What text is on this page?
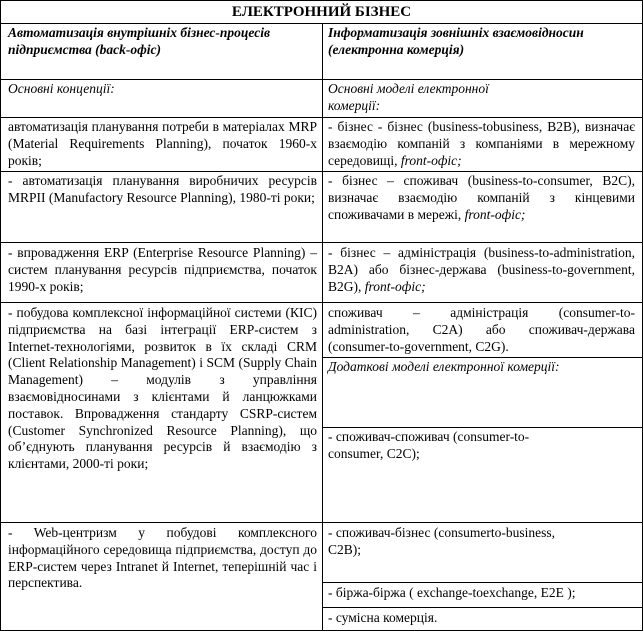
ЕЛЕКТРОННИЙ БІЗНЕС
Автоматизація внутрішніх бізнес-процесів підприємства (back-офіс)
Інформатизація зовнішніх взаємовідносин (електронна комерція)
Основні концепції:	Основні моделі електронної комерції:
автоматизація планування потреби в матеріалах MRP (Material Requirements Planning), початок 1960-х років;
- автоматизація планування виробничих ресурсів MRPII (Manufactory Resource Planning), 1980-ті роки;
- впровадження ERP (Enterprise Resource Planning) – систем планування ресурсів підприємства, початок 1990-х років;
- побудова комплексної інформаційної системи (КІС) підприємства на базі інтеграції ERP-систем з Internet-технологіями, розвиток в їх складі CRM (Client Relationship Management) і SCM (Supply Chain Management) – модулів з управління взаємовідносинами з клієнтами й ланцюжками поставок. Впровадження стандарту CSRP-систем (Customer Synchronized Resource Planning), що об’єднують планування ресурсів й взаємодію з клієнтами, 2000-ті роки;
- Web-центризм у побудові комплексного інформаційного середовища підприємства, доступ до ERP-систем через Intranet й Internet, теперішній час і перспектива.
- бізнес - бізнес (business-tobusiness, B2B), визначає взаємодію компаній з компаніями в мережному середовищі, front-офіс;
- бізнес – споживач (business-to-consumer, B2C), визначає взаємодію компаній з кінцевими споживачами в мережі, front-офіс;
- бізнес – адміністрація (business-to-administration, B2A) або бізнес-держава (business-to-government, B2G), front-офіс;
споживач – адміністрація (consumer-to-administration, C2A) або споживач-держава (consumer-to-government, C2G).
Додаткові моделі електронної комерції:
- споживач-споживач (consumer-to-consumer, C2C);
- споживач-бізнес (consumerto-business, C2B);
- біржа-біржа ( exchange-toexchange, E2E );
- сумісна комерція.
